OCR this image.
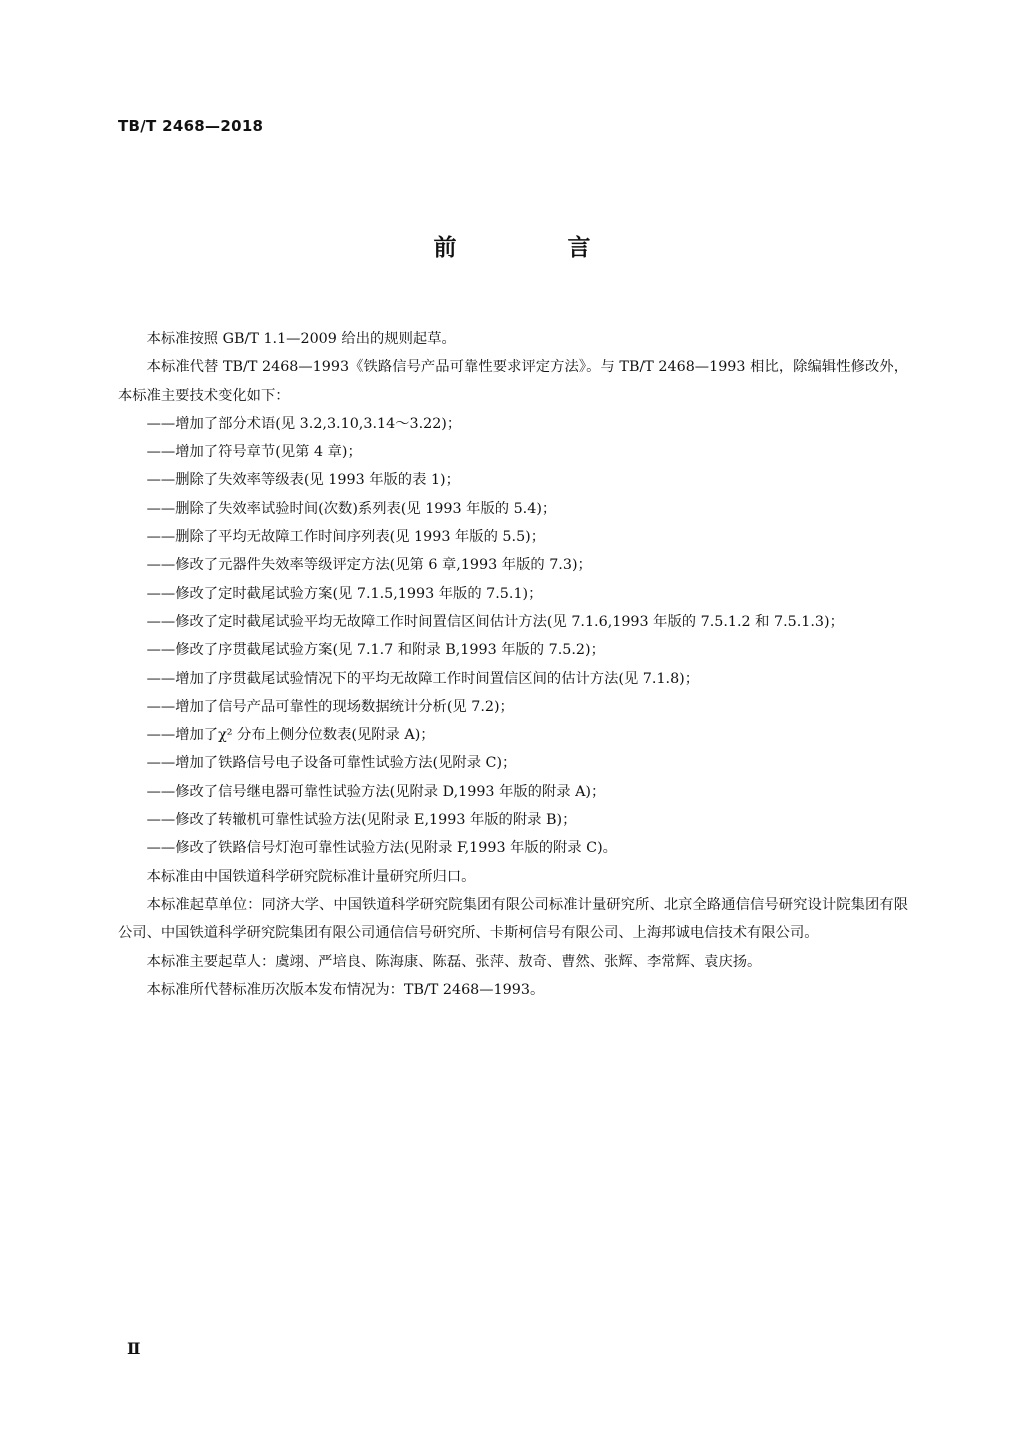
TB/T 2468—2018
前　言

本标准按照 GB/T 1.1—2009 给出的规则起草。

本标准代替 TB/T 2468—1993《铁路信号产品可靠性要求评定方法》。与 TB/T 2468—1993 相比，除编辑性修改外，本标准主要技术变化如下：

——增加了部分术语(见 3.2,3.10,3.14～3.22)；

——增加了符号章节(见第 4 章)；

——删除了失效率等级表(见 1993 年版的表 1)；

——删除了失效率试验时间(次数)系列表(见 1993 年版的 5.4)；

——删除了平均无故障工作时间序列表(见 1993 年版的 5.5)；

——修改了元器件失效率等级评定方法(见第 6 章,1993 年版的 7.3)；

——修改了定时截尾试验方案(见 7.1.5,1993 年版的 7.5.1)；

——修改了定时截尾试验平均无故障工作时间置信区间估计方法(见 7.1.6,1993 年版的 7.5.1.2 和 7.5.1.3)；

——修改了序贯截尾试验方案(见 7.1.7 和附录 B,1993 年版的 7.5.2)；

——增加了序贯截尾试验情况下的平均无故障工作时间置信区间的估计方法(见 7.1.8)；

——增加了信号产品可靠性的现场数据统计分析(见 7.2)；

——增加了χ² 分布上侧分位数表(见附录 A)；

——增加了铁路信号电子设备可靠性试验方法(见附录 C)；

——修改了信号继电器可靠性试验方法(见附录 D,1993 年版的附录 A)；

——修改了转辙机可靠性试验方法(见附录 E,1993 年版的附录 B)；

——修改了铁路信号灯泡可靠性试验方法(见附录 F,1993 年版的附录 C)。

本标准由中国铁道科学研究院标准计量研究所归口。

本标准起草单位：同济大学、中国铁道科学研究院集团有限公司标准计量研究所、北京全路通信信号研究设计院集团有限公司、中国铁道科学研究院集团有限公司通信信号研究所、卡斯柯信号有限公司、上海邦诚电信技术有限公司。

本标准主要起草人：虞翊、严培良、陈海康、陈磊、张萍、敖奇、曹然、张辉、李常辉、袁庆扬。

本标准所代替标准历次版本发布情况为：TB/T 2468—1993。

Ⅱ
